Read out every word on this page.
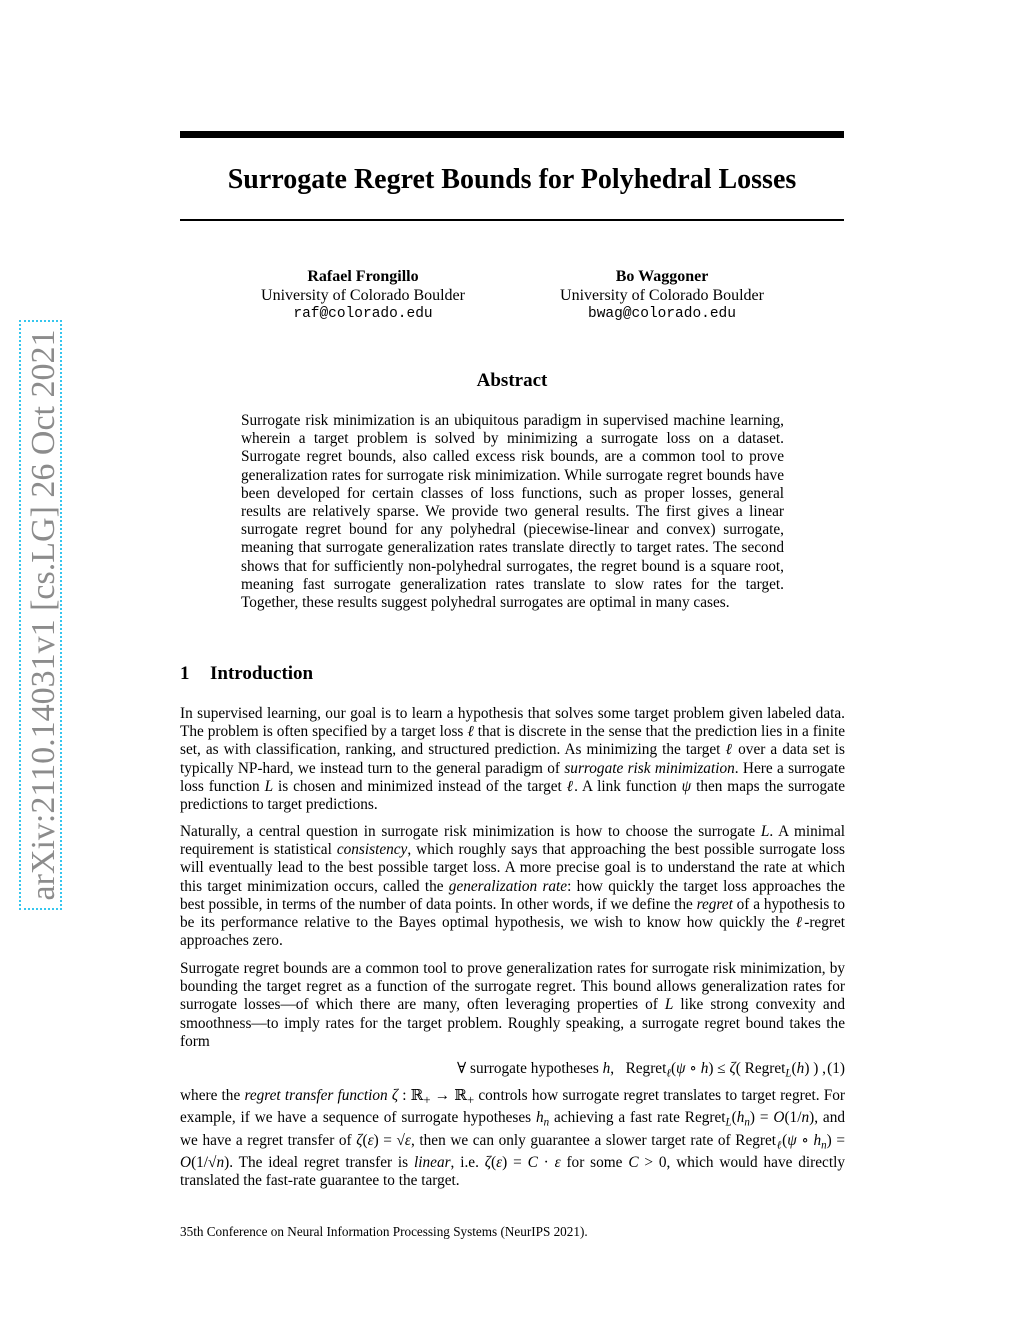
Surrogate Regret Bounds for Polyhedral Losses
Rafael Frongillo
University of Colorado Boulder
raf@colorado.edu
Bo Waggoner
University of Colorado Boulder
bwag@colorado.edu
Abstract

Surrogate risk minimization is an ubiquitous paradigm in supervised machine learning, wherein a target problem is solved by minimizing a surrogate loss on a dataset. Surrogate regret bounds, also called excess risk bounds, are a common tool to prove generalization rates for surrogate risk minimization. While surrogate regret bounds have been developed for certain classes of loss functions, such as proper losses, general results are relatively sparse. We provide two general results. The first gives a linear surrogate regret bound for any polyhedral (piecewise-linear and convex) surrogate, meaning that surrogate generalization rates translate directly to target rates. The second shows that for sufficiently non-polyhedral surrogates, the regret bound is a square root, meaning fast surrogate generalization rates translate to slow rates for the target. Together, these results suggest polyhedral surrogates are optimal in many cases.

1 Introduction

In supervised learning, our goal is to learn a hypothesis that solves some target problem given labeled data. The problem is often specified by a target loss ℓ that is discrete in the sense that the prediction lies in a finite set, as with classification, ranking, and structured prediction. As minimizing the target ℓ over a data set is typically NP-hard, we instead turn to the general paradigm of surrogate risk minimization. Here a surrogate loss function L is chosen and minimized instead of the target ℓ. A link function ψ then maps the surrogate predictions to target predictions.

Naturally, a central question in surrogate risk minimization is how to choose the surrogate L. A minimal requirement is statistical consistency, which roughly says that approaching the best possible surrogate loss will eventually lead to the best possible target loss. A more precise goal is to understand the rate at which this target minimization occurs, called the generalization rate: how quickly the target loss approaches the best possible, in terms of the number of data points. In other words, if we define the regret of a hypothesis to be its performance relative to the Bayes optimal hypothesis, we wish to know how quickly the ℓ-regret approaches zero.

Surrogate regret bounds are a common tool to prove generalization rates for surrogate risk minimization, by bounding the target regret as a function of the surrogate regret. This bound allows generalization rates for surrogate losses—of which there are many, often leveraging properties of L like strong convexity and smoothness—to imply rates for the target problem. Roughly speaking, a surrogate regret bound takes the form

∀ surrogate hypotheses h,   Regret$_\ell$(ψ ∘ h) ≤ ζ( Regret$_L$(h) ) , (1)

where the regret transfer function ζ : ℝ$_+$ → ℝ$_+$ controls how surrogate regret translates to target regret. For example, if we have a sequence of surrogate hypotheses $h_n$ achieving a fast rate $Regret_L(h_n) = O(1/n)$, and we have a regret transfer of ζ(ε) = √ε, then we can only guarantee a slower target rate of Regret$_\ell$(ψ ∘ $h_n) = O(1/√n)$. The ideal regret transfer is linear, i.e. ζ(ε) = C · ε for some C > 0, which would have directly translated the fast-rate guarantee to the target.

35th Conference on Neural Information Processing Systems (NeurIPS 2021).

arXiv:2110.14031v1 [cs.LG] 26 Oct 2021
